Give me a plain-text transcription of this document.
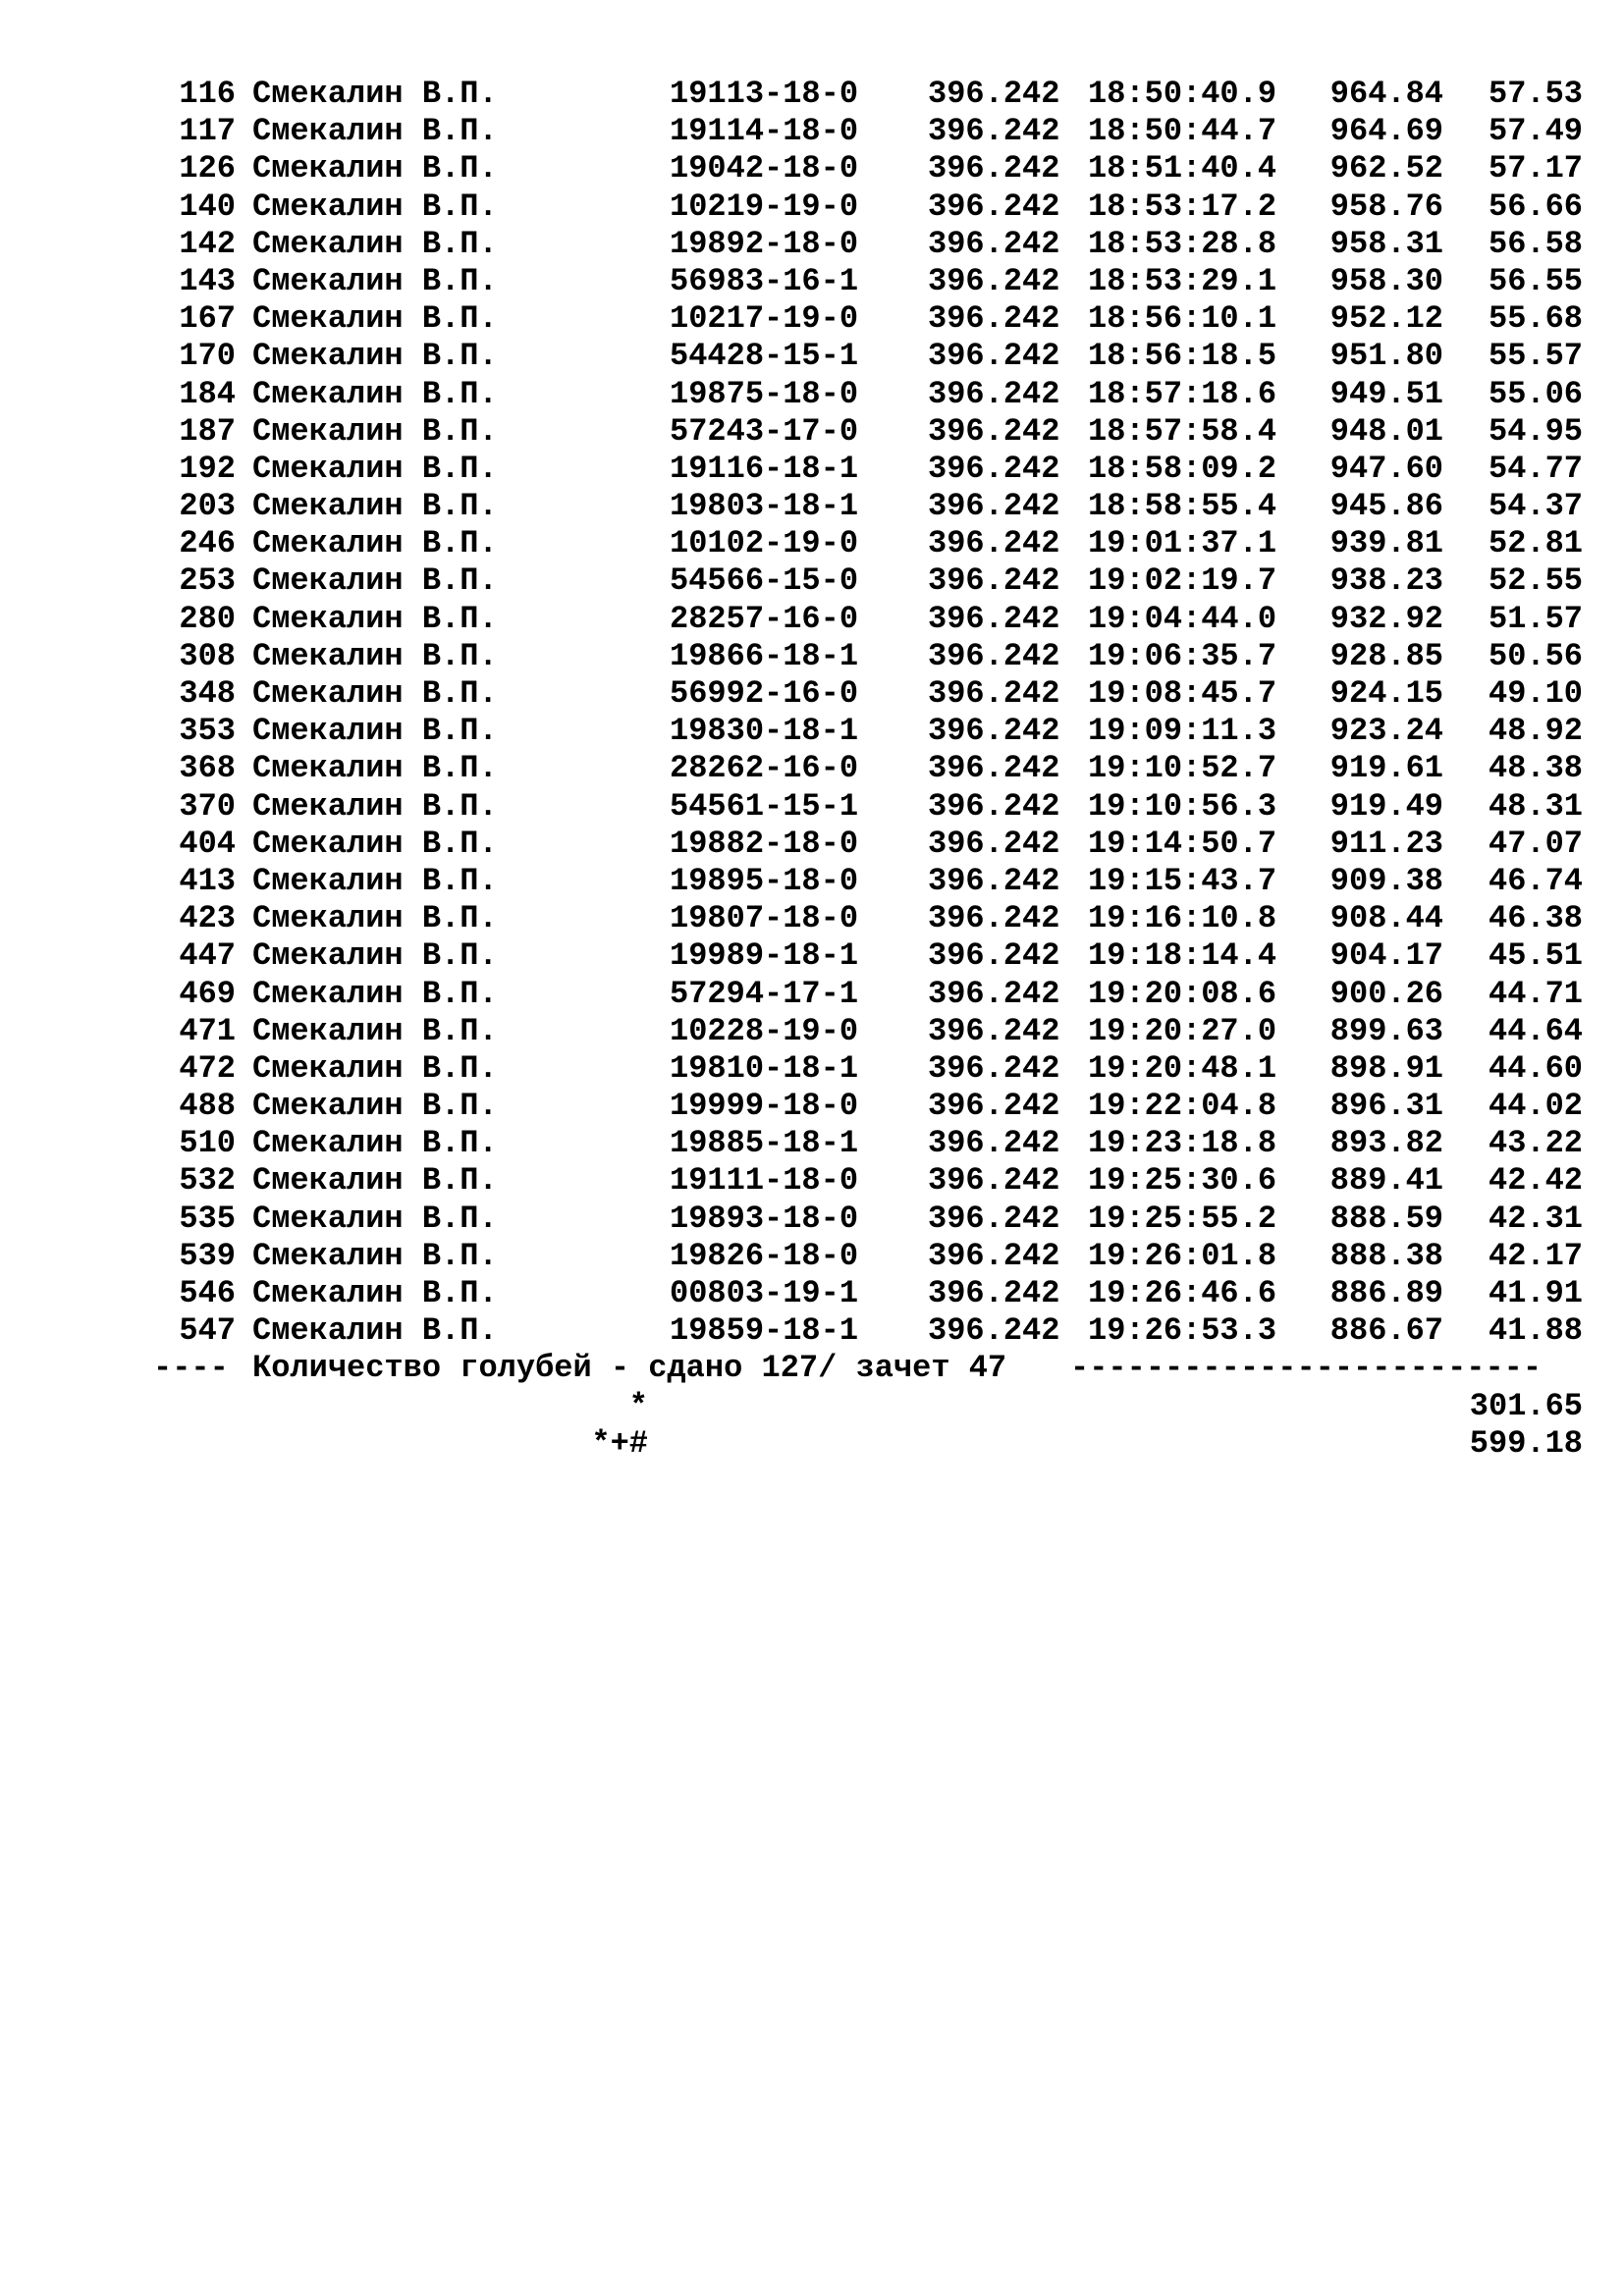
116 Смекалин В.П.	19113-18-0 396.242 18:50:40.9	964.84	57.53
117 Смекалин В.П.	19114-18-0 396.242 18:50:44.7	964.69	57.49
126 Смекалин В.П.	19042-18-0 396.242 18:51:40.4	962.52	57.17
140 Смекалин В.П.	10219-19-0 396.242 18:53:17.2	958.76	56.66
142 Смекалин В.П.	19892-18-0 396.242 18:53:28.8	958.31	56.58
143 Смекалин В.П.	56983-16-1 396.242 18:53:29.1	958.30	56.55
167 Смекалин В.П.	10217-19-0 396.242 18:56:10.1	952.12	55.68
170 Смекалин В.П.	54428-15-1 396.242 18:56:18.5	951.80	55.57
184 Смекалин В.П.	19875-18-0 396.242 18:57:18.6	949.51	55.06
187 Смекалин В.П.	57243-17-0 396.242 18:57:58.4	948.01	54.95
192 Смекалин В.П.	19116-18-1 396.242 18:58:09.2	947.60	54.77
203 Смекалин В.П.	19803-18-1 396.242 18:58:55.4	945.86	54.37
246 Смекалин В.П.	10102-19-0 396.242 19:01:37.1	939.81	52.81
253 Смекалин В.П.	54566-15-0 396.242 19:02:19.7	938.23	52.55
280 Смекалин В.П.	28257-16-0 396.242 19:04:44.0	932.92	51.57
308 Смекалин В.П.	19866-18-1 396.242 19:06:35.7	928.85	50.56
348 Смекалин В.П.	56992-16-0 396.242 19:08:45.7	924.15	49.10
353 Смекалин В.П.	19830-18-1 396.242 19:09:11.3	923.24	48.92
368 Смекалин В.П.	28262-16-0 396.242 19:10:52.7	919.61	48.38
370 Смекалин В.П.	54561-15-1 396.242 19:10:56.3	919.49	48.31
404 Смекалин В.П.	19882-18-0 396.242 19:14:50.7	911.23	47.07
413 Смекалин В.П.	19895-18-0 396.242 19:15:43.7	909.38	46.74
423 Смекалин В.П.	19807-18-0 396.242 19:16:10.8	908.44	46.38
447 Смекалин В.П.	19989-18-1 396.242 19:18:14.4	904.17	45.51
469 Смекалин В.П.	57294-17-1 396.242 19:20:08.6	900.26	44.71
471 Смекалин В.П.	10228-19-0 396.242 19:20:27.0	899.63	44.64
472 Смекалин В.П.	19810-18-1 396.242 19:20:48.1	898.91	44.60
488 Смекалин В.П.	19999-18-0 396.242 19:22:04.8	896.31	44.02
510 Смекалин В.П.	19885-18-1 396.242 19:23:18.8	893.82	43.22
532 Смекалин В.П.	19111-18-0 396.242 19:25:30.6	889.41	42.42
535 Смекалин В.П.	19893-18-0 396.242 19:25:55.2	888.59	42.31
539 Смекалин В.П.	19826-18-0 396.242 19:26:01.8	888.38	42.17
546 Смекалин В.П.	00803-19-1 396.242 19:26:46.6	886.89	41.91
547 Смекалин В.П.	19859-18-1 396.242 19:26:53.3	886.67	41.88
---- Количество голубей - сдано 127/ зачет 47 -------------------------
*	301.65
*+#	599.18
